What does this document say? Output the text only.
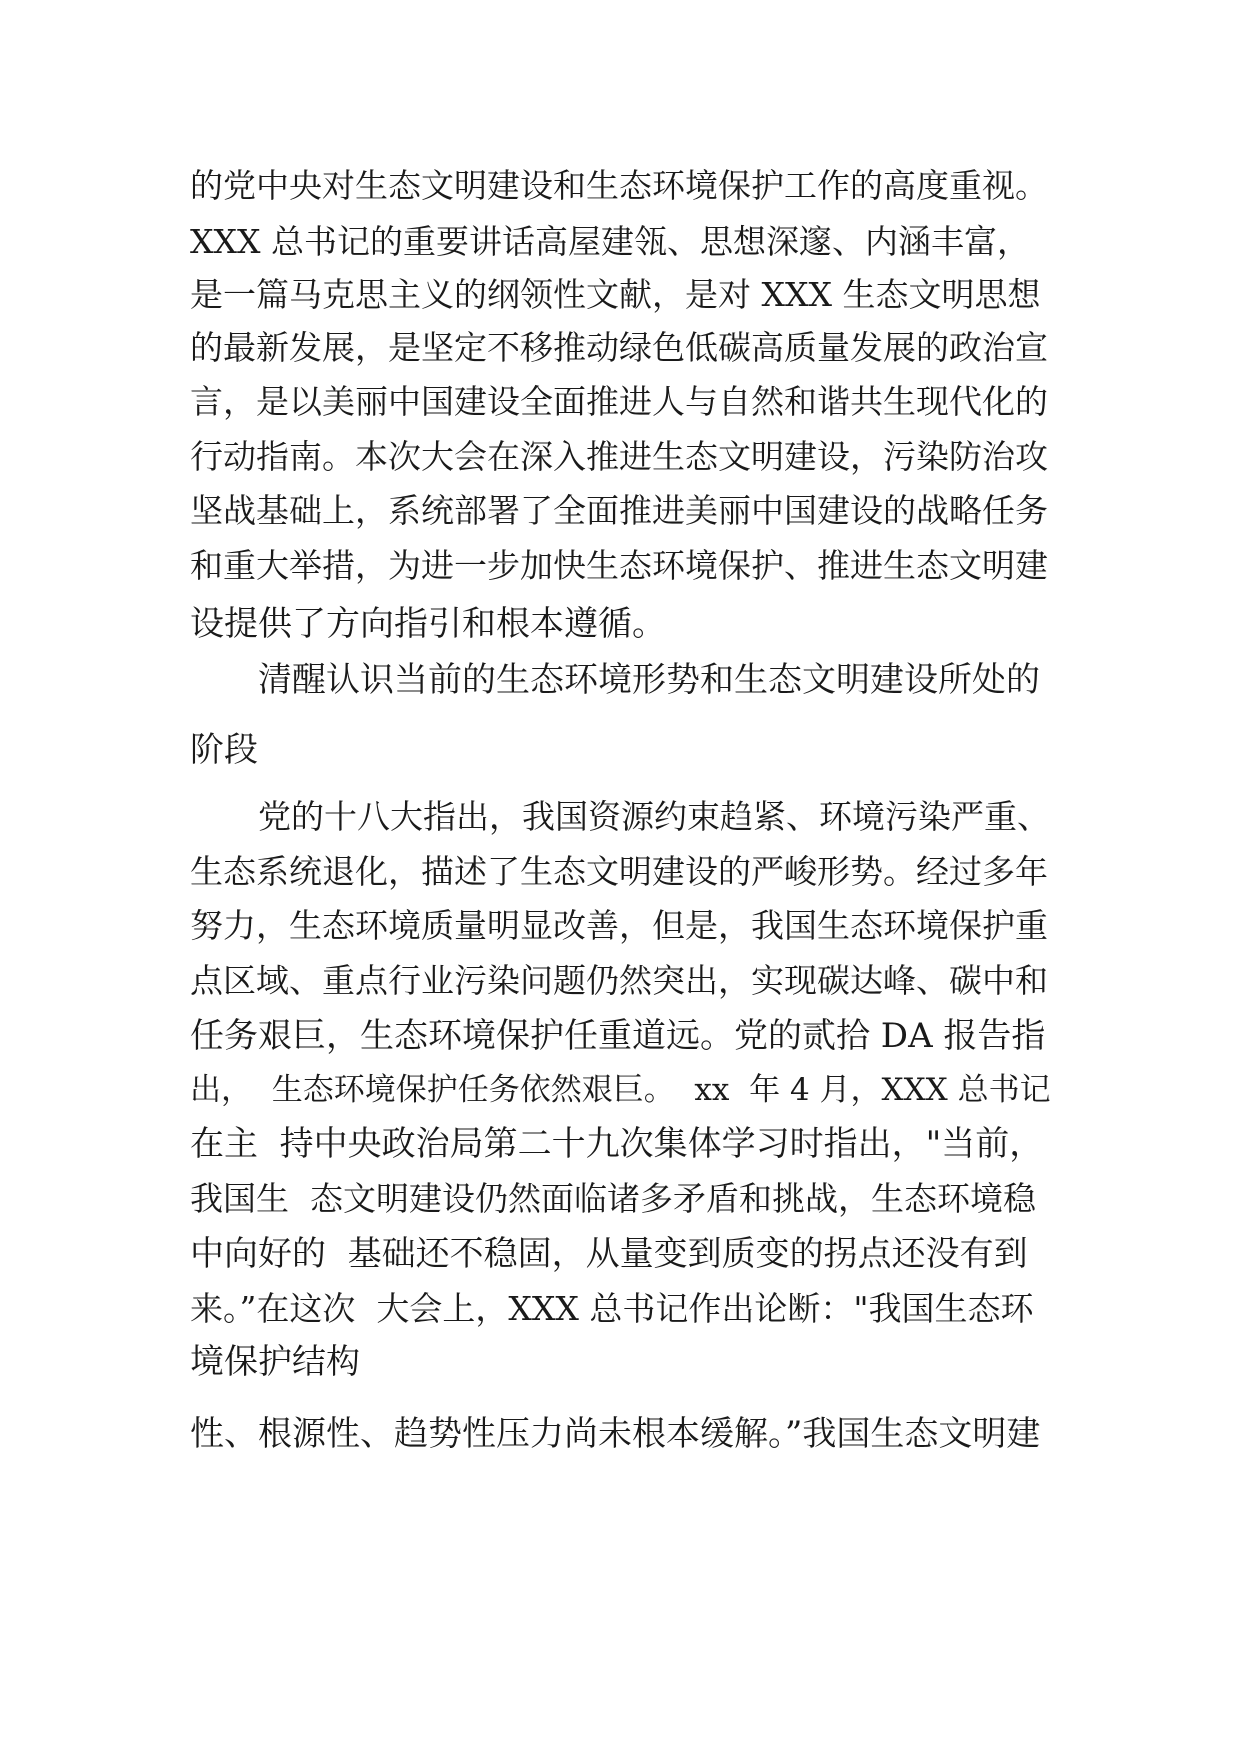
的党中央对生态文明建设和生态环境保护工作的高度重视。
XXX 总书记的重要讲话高屋建瓴、思想深邃、内涵丰富，
是一篇马克思主义的纲领性文献，是对 XXX 生态文明思想
的最新发展，是坚定不移推动绿色低碳高质量发展的政治宣
言，是以美丽中国建设全面推进人与自然和谐共生现代化的
行动指南。本次大会在深入推进生态文明建设，污染防治攻
坚战基础上，系统部署了全面推进美丽中国建设的战略任务
和重大举措，为进一步加快生态环境保护、推进生态文明建
设提供了方向指引和根本遵循。
清醒认识当前的生态环境形势和生态文明建设所处的
阶段
党的十八大指出，我国资源约束趋紧、环境污染严重、
生态系统退化，描述了生态文明建设的严峻形势。经过多年
努力，生态环境质量明显改善，但是，我国生态环境保护重
点区域、重点行业污染问题仍然突出，实现碳达峰、碳中和
任务艰巨，生态环境保护任重道远。党的贰拾 DA 报告指
出，  生态环境保护任务依然艰巨。  xx  年 4 月，XXX 总书记
在主  持中央政治局第二十九次集体学习时指出，"当前，
我国生  态文明建设仍然面临诸多矛盾和挑战，生态环境稳
中向好的  基础还不稳固，从量变到质变的拐点还没有到
来。”在这次  大会上，XXX 总书记作出论断："我国生态环
境保护结构
性、根源性、趋势性压力尚未根本缓解。”我国生态文明建
